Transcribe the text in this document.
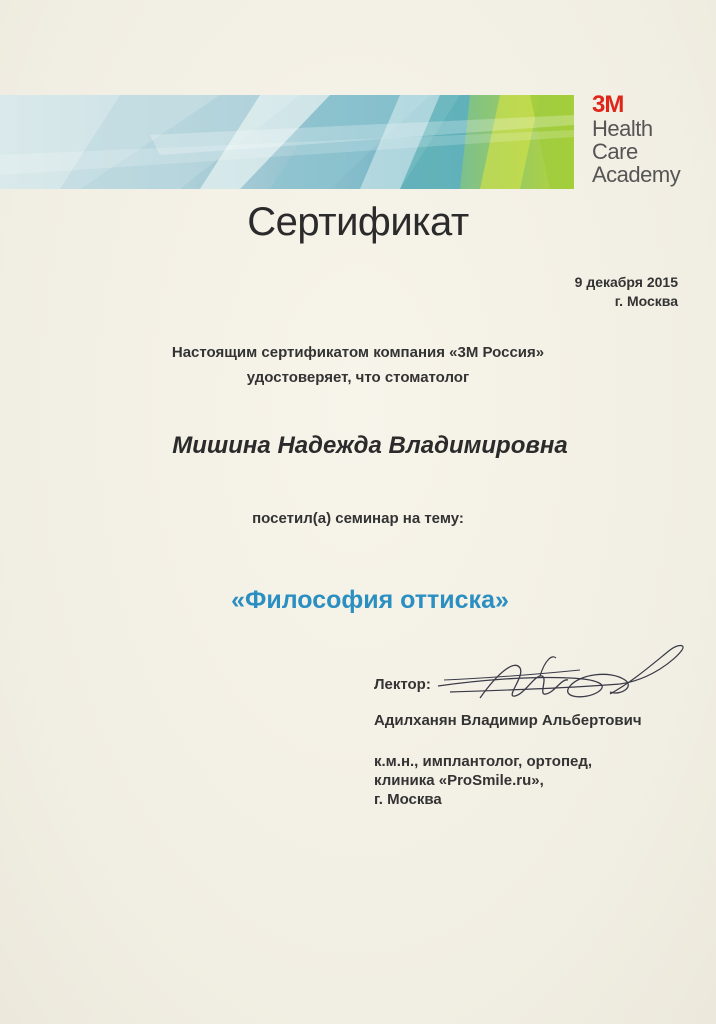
3M
Health
Care
Academy
Сертификат
9 декабря 2015
г. Москва
Настоящим сертификатом компания «3М Россия»
удостоверяет, что стоматолог
Мишина Надежда Владимировна
посетил(а) семинар на тему:
«Философия оттиска»
Лектор:
Адилханян Владимир Альбертович
к.м.н., имплантолог, ортопед,
клиника «ProSmile.ru»,
г. Москва
